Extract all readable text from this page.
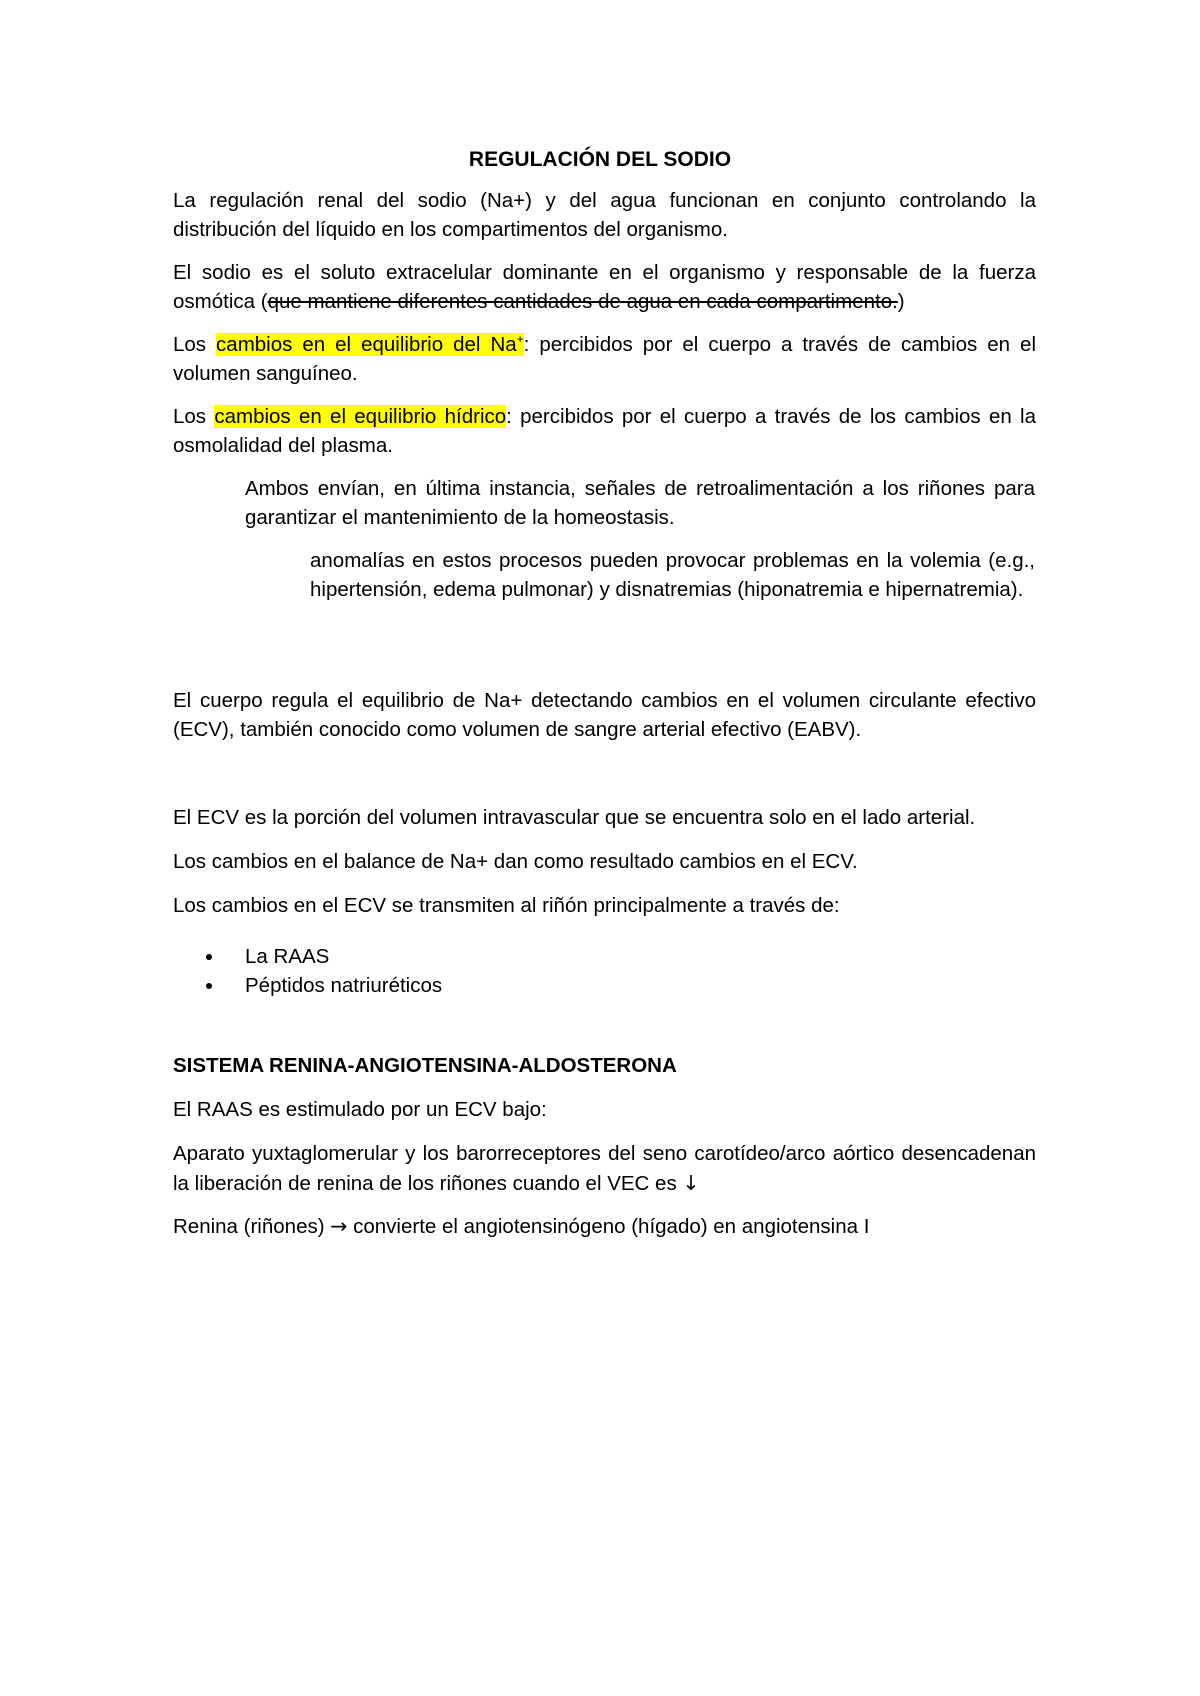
REGULACIÓN DEL SODIO

La regulación renal del sodio (Na+) y del agua funcionan en conjunto controlando la distribución del líquido en los compartimentos del organismo.

El sodio es el soluto extracelular dominante en el organismo y responsable de la fuerza osmótica (que mantiene diferentes cantidades de agua en cada compartimento.)

Los cambios en el equilibrio del Na+: percibidos por el cuerpo a través de cambios en el volumen sanguíneo.

Los cambios en el equilibrio hídrico: percibidos por el cuerpo a través de los cambios en la osmolalidad del plasma.

Ambos envían, en última instancia, señales de retroalimentación a los riñones para garantizar el mantenimiento de la homeostasis.

anomalías en estos procesos pueden provocar problemas en la volemia (e.g., hipertensión, edema pulmonar) y disnatremias (hiponatremia e hipernatremia).

El cuerpo regula el equilibrio de Na+ detectando cambios en el volumen circulante efectivo (ECV), también conocido como volumen de sangre arterial efectivo (EABV).

El ECV es la porción del volumen intravascular que se encuentra solo en el lado arterial.

Los cambios en el balance de Na+ dan como resultado cambios en el ECV.

Los cambios en el ECV se transmiten al riñón principalmente a través de:

La RAAS
Péptidos natriuréticos
SISTEMA RENINA-ANGIOTENSINA-ALDOSTERONA

El RAAS es estimulado por un ECV bajo:

Aparato yuxtaglomerular y los barorreceptores del seno carotídeo/arco aórtico desencadenan la liberación de renina de los riñones cuando el VEC es ↓

Renina (riñones) → convierte el angiotensinógeno (hígado) en angiotensina I
